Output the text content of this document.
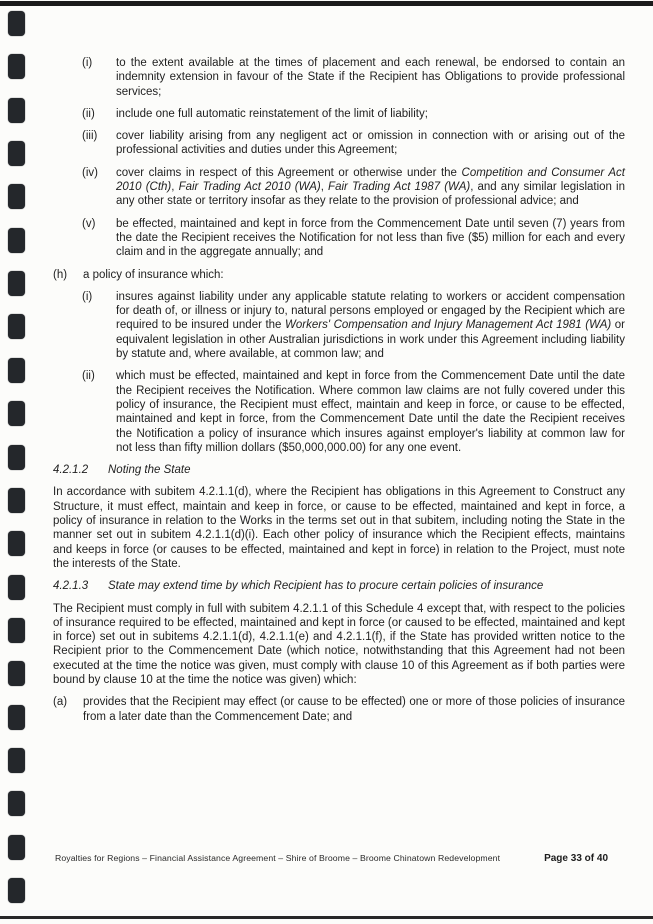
(i) to the extent available at the times of placement and each renewal, be endorsed to contain an indemnity extension in favour of the State if the Recipient has Obligations to provide professional services;
(ii) include one full automatic reinstatement of the limit of liability;
(iii) cover liability arising from any negligent act or omission in connection with or arising out of the professional activities and duties under this Agreement;
(iv) cover claims in respect of this Agreement or otherwise under the Competition and Consumer Act 2010 (Cth), Fair Trading Act 2010 (WA), Fair Trading Act 1987 (WA), and any similar legislation in any other state or territory insofar as they relate to the provision of professional advice; and
(v) be effected, maintained and kept in force from the Commencement Date until seven (7) years from the date the Recipient receives the Notification for not less than five ($5) million for each and every claim and in the aggregate annually; and
(h) a policy of insurance which:
(i) insures against liability under any applicable statute relating to workers or accident compensation for death of, or illness or injury to, natural persons employed or engaged by the Recipient which are required to be insured under the Workers' Compensation and Injury Management Act 1981 (WA) or equivalent legislation in other Australian jurisdictions in work under this Agreement including liability by statute and, where available, at common law; and
(ii) which must be effected, maintained and kept in force from the Commencement Date until the date the Recipient receives the Notification. Where common law claims are not fully covered under this policy of insurance, the Recipient must effect, maintain and keep in force, or cause to be effected, maintained and kept in force, from the Commencement Date until the date the Recipient receives the Notification a policy of insurance which insures against employer's liability at common law for not less than fifty million dollars ($50,000,000.00) for any one event.
4.2.1.2 Noting the State

In accordance with subitem 4.2.1.1(d), where the Recipient has obligations in this Agreement to Construct any Structure, it must effect, maintain and keep in force, or cause to be effected, maintained and kept in force, a policy of insurance in relation to the Works in the terms set out in that subitem, including noting the State in the manner set out in subitem 4.2.1.1(d)(i). Each other policy of insurance which the Recipient effects, maintains and keeps in force (or causes to be effected, maintained and kept in force) in relation to the Project, must note the interests of the State.

4.2.1.3 State may extend time by which Recipient has to procure certain policies of insurance

The Recipient must comply in full with subitem 4.2.1.1 of this Schedule 4 except that, with respect to the policies of insurance required to be effected, maintained and kept in force (or caused to be effected, maintained and kept in force) set out in subitems 4.2.1.1(d), 4.2.1.1(e) and 4.2.1.1(f), if the State has provided written notice to the Recipient prior to the Commencement Date (which notice, notwithstanding that this Agreement had not been executed at the time the notice was given, must comply with clause 10 of this Agreement as if both parties were bound by clause 10 at the time the notice was given) which:

(a) provides that the Recipient may effect (or cause to be effected) one or more of those policies of insurance from a later date than the Commencement Date; and
Royalties for Regions – Financial Assistance Agreement – Shire of Broome – Broome Chinatown Redevelopment	Page 33 of 40
